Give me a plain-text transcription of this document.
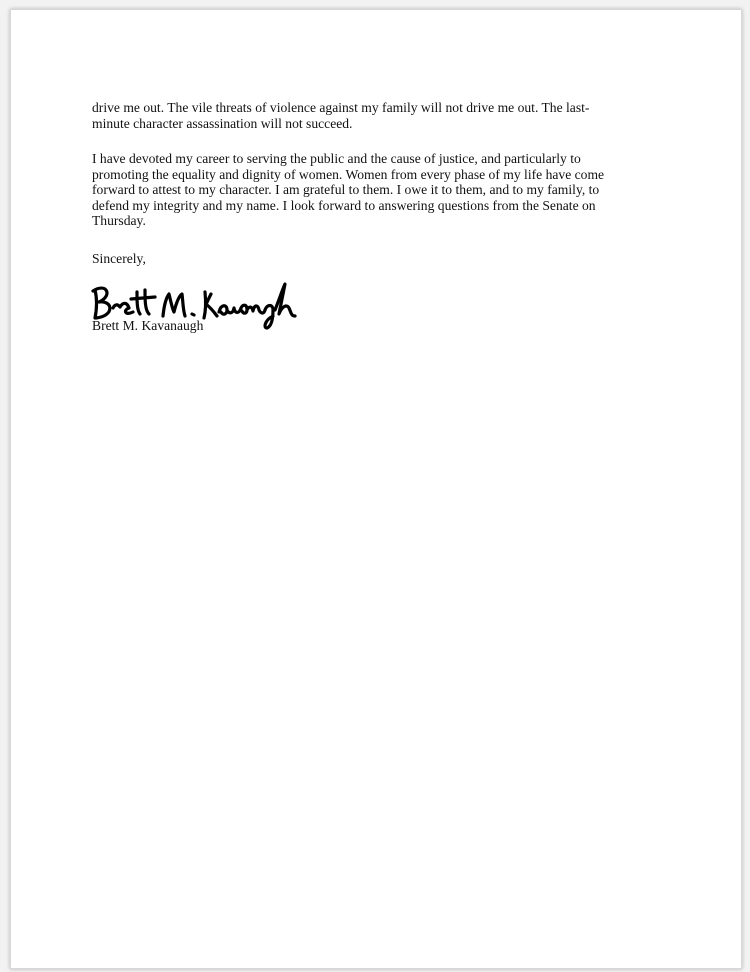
drive me out. The vile threats of violence against my family will not drive me out. The last-
minute character assassination will not succeed.
I have devoted my career to serving the public and the cause of justice, and particularly to
promoting the equality and dignity of women. Women from every phase of my life have come
forward to attest to my character. I am grateful to them. I owe it to them, and to my family, to
defend my integrity and my name. I look forward to answering questions from the Senate on
Thursday.
Sincerely,
Brett M. Kavanaugh
